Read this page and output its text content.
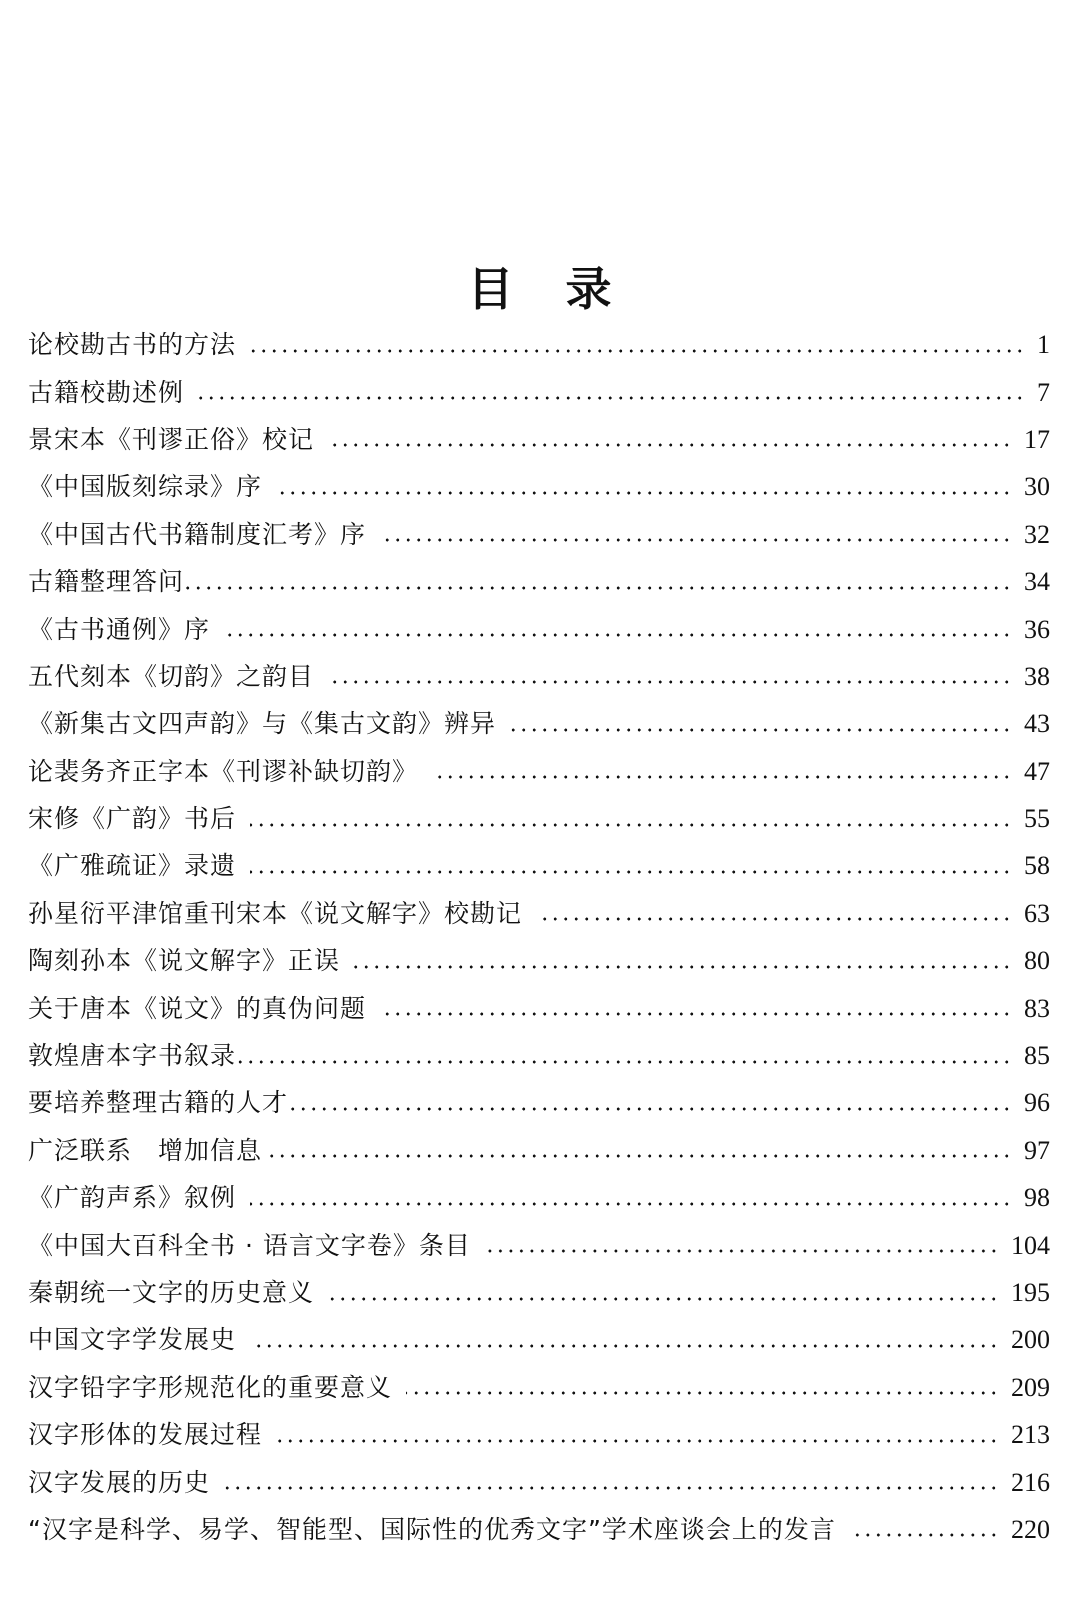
目录
论校勘古书的方法	1
古籍校勘述例	7
景宋本《刊谬正俗》校记	17
《中国版刻综录》序	30
《中国古代书籍制度汇考》序	32
古籍整理答问	34
《古书通例》序	36
五代刻本《切韵》之韵目	38
《新集古文四声韵》与《集古文韵》辨异	43
论裴务齐正字本《刊谬补缺切韵》	47
宋修《广韵》书后	55
《广雅疏证》录遗	58
孙星衍平津馆重刊宋本《说文解字》校勘记	63
陶刻孙本《说文解字》正误	80
关于唐本《说文》的真伪问题	83
敦煌唐本字书叙录	85
要培养整理古籍的人才	96
广泛联系　增加信息	97
《广韵声系》叙例	98
《中国大百科全书 · 语言文字卷》条目	104
秦朝统一文字的历史意义	195
中国文字学发展史	200
汉字铅字字形规范化的重要意义	209
汉字形体的发展过程	213
汉字发展的历史	216
“汉字是科学、易学、智能型、国际性的优秀文字”学术座谈会上的发言	220
